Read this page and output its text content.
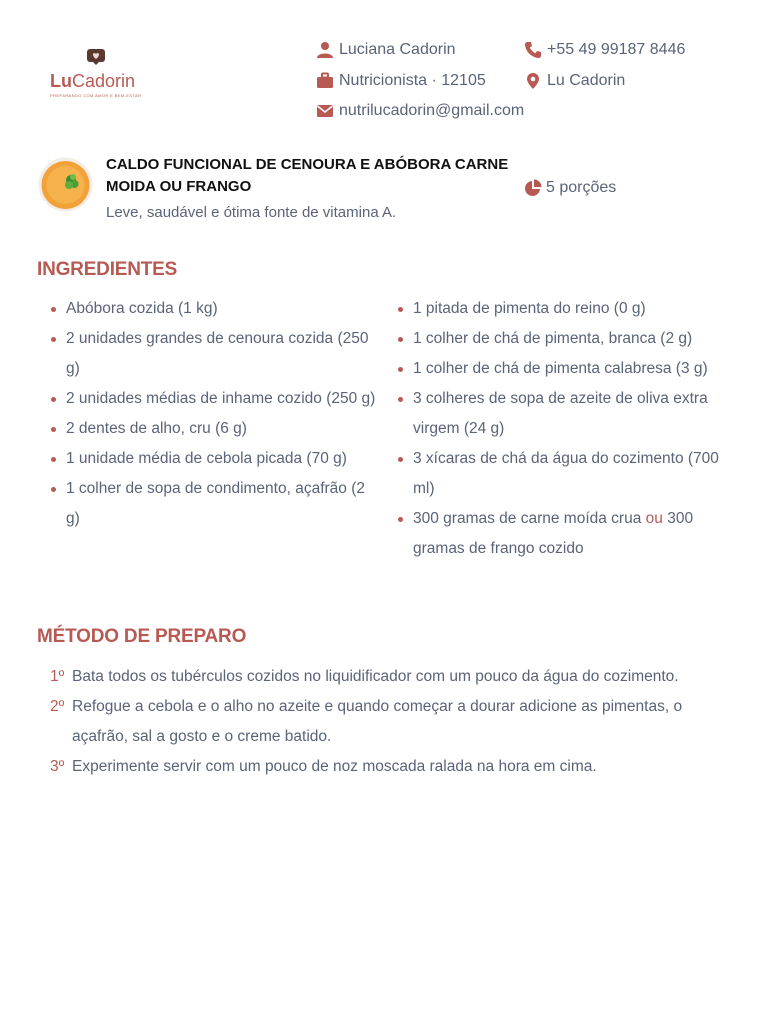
LuCadorin
PREPARANDO COM AMOR E BEM-ESTAR
Luciana Cadorin
Nutricionista · 12105
nutrilucadorin@gmail.com
+55 49 99187 8446
Lu Cadorin
CALDO FUNCIONAL DE CENOURA E ABÓBORA CARNE MOIDA OU FRANGO
Leve, saudável e ótima fonte de vitamina A.
5 porções
INGREDIENTES
Abóbora cozida (1 kg)
2 unidades grandes de cenoura cozida (250 g)
2 unidades médias de inhame cozido (250 g)
2 dentes de alho, cru (6 g)
1 unidade média de cebola picada (70 g)
1 colher de sopa de condimento, açafrão (2 g)
1 pitada de pimenta do reino (0 g)
1 colher de chá de pimenta, branca (2 g)
1 colher de chá de pimenta calabresa (3 g)
3 colheres de sopa de azeite de oliva extra virgem (24 g)
3 xícaras de chá da água do cozimento (700 ml)
300 gramas de carne moída crua ou 300 gramas de frango cozido
MÉTODO DE PREPARO
1º Bata todos os tubérculos cozidos no liquidificador com um pouco da água do cozimento.
2º Refogue a cebola e o alho no azeite e quando começar a dourar adicione as pimentas, o açafrão, sal a gosto e o creme batido.
3º Experimente servir com um pouco de noz moscada ralada na hora em cima.
